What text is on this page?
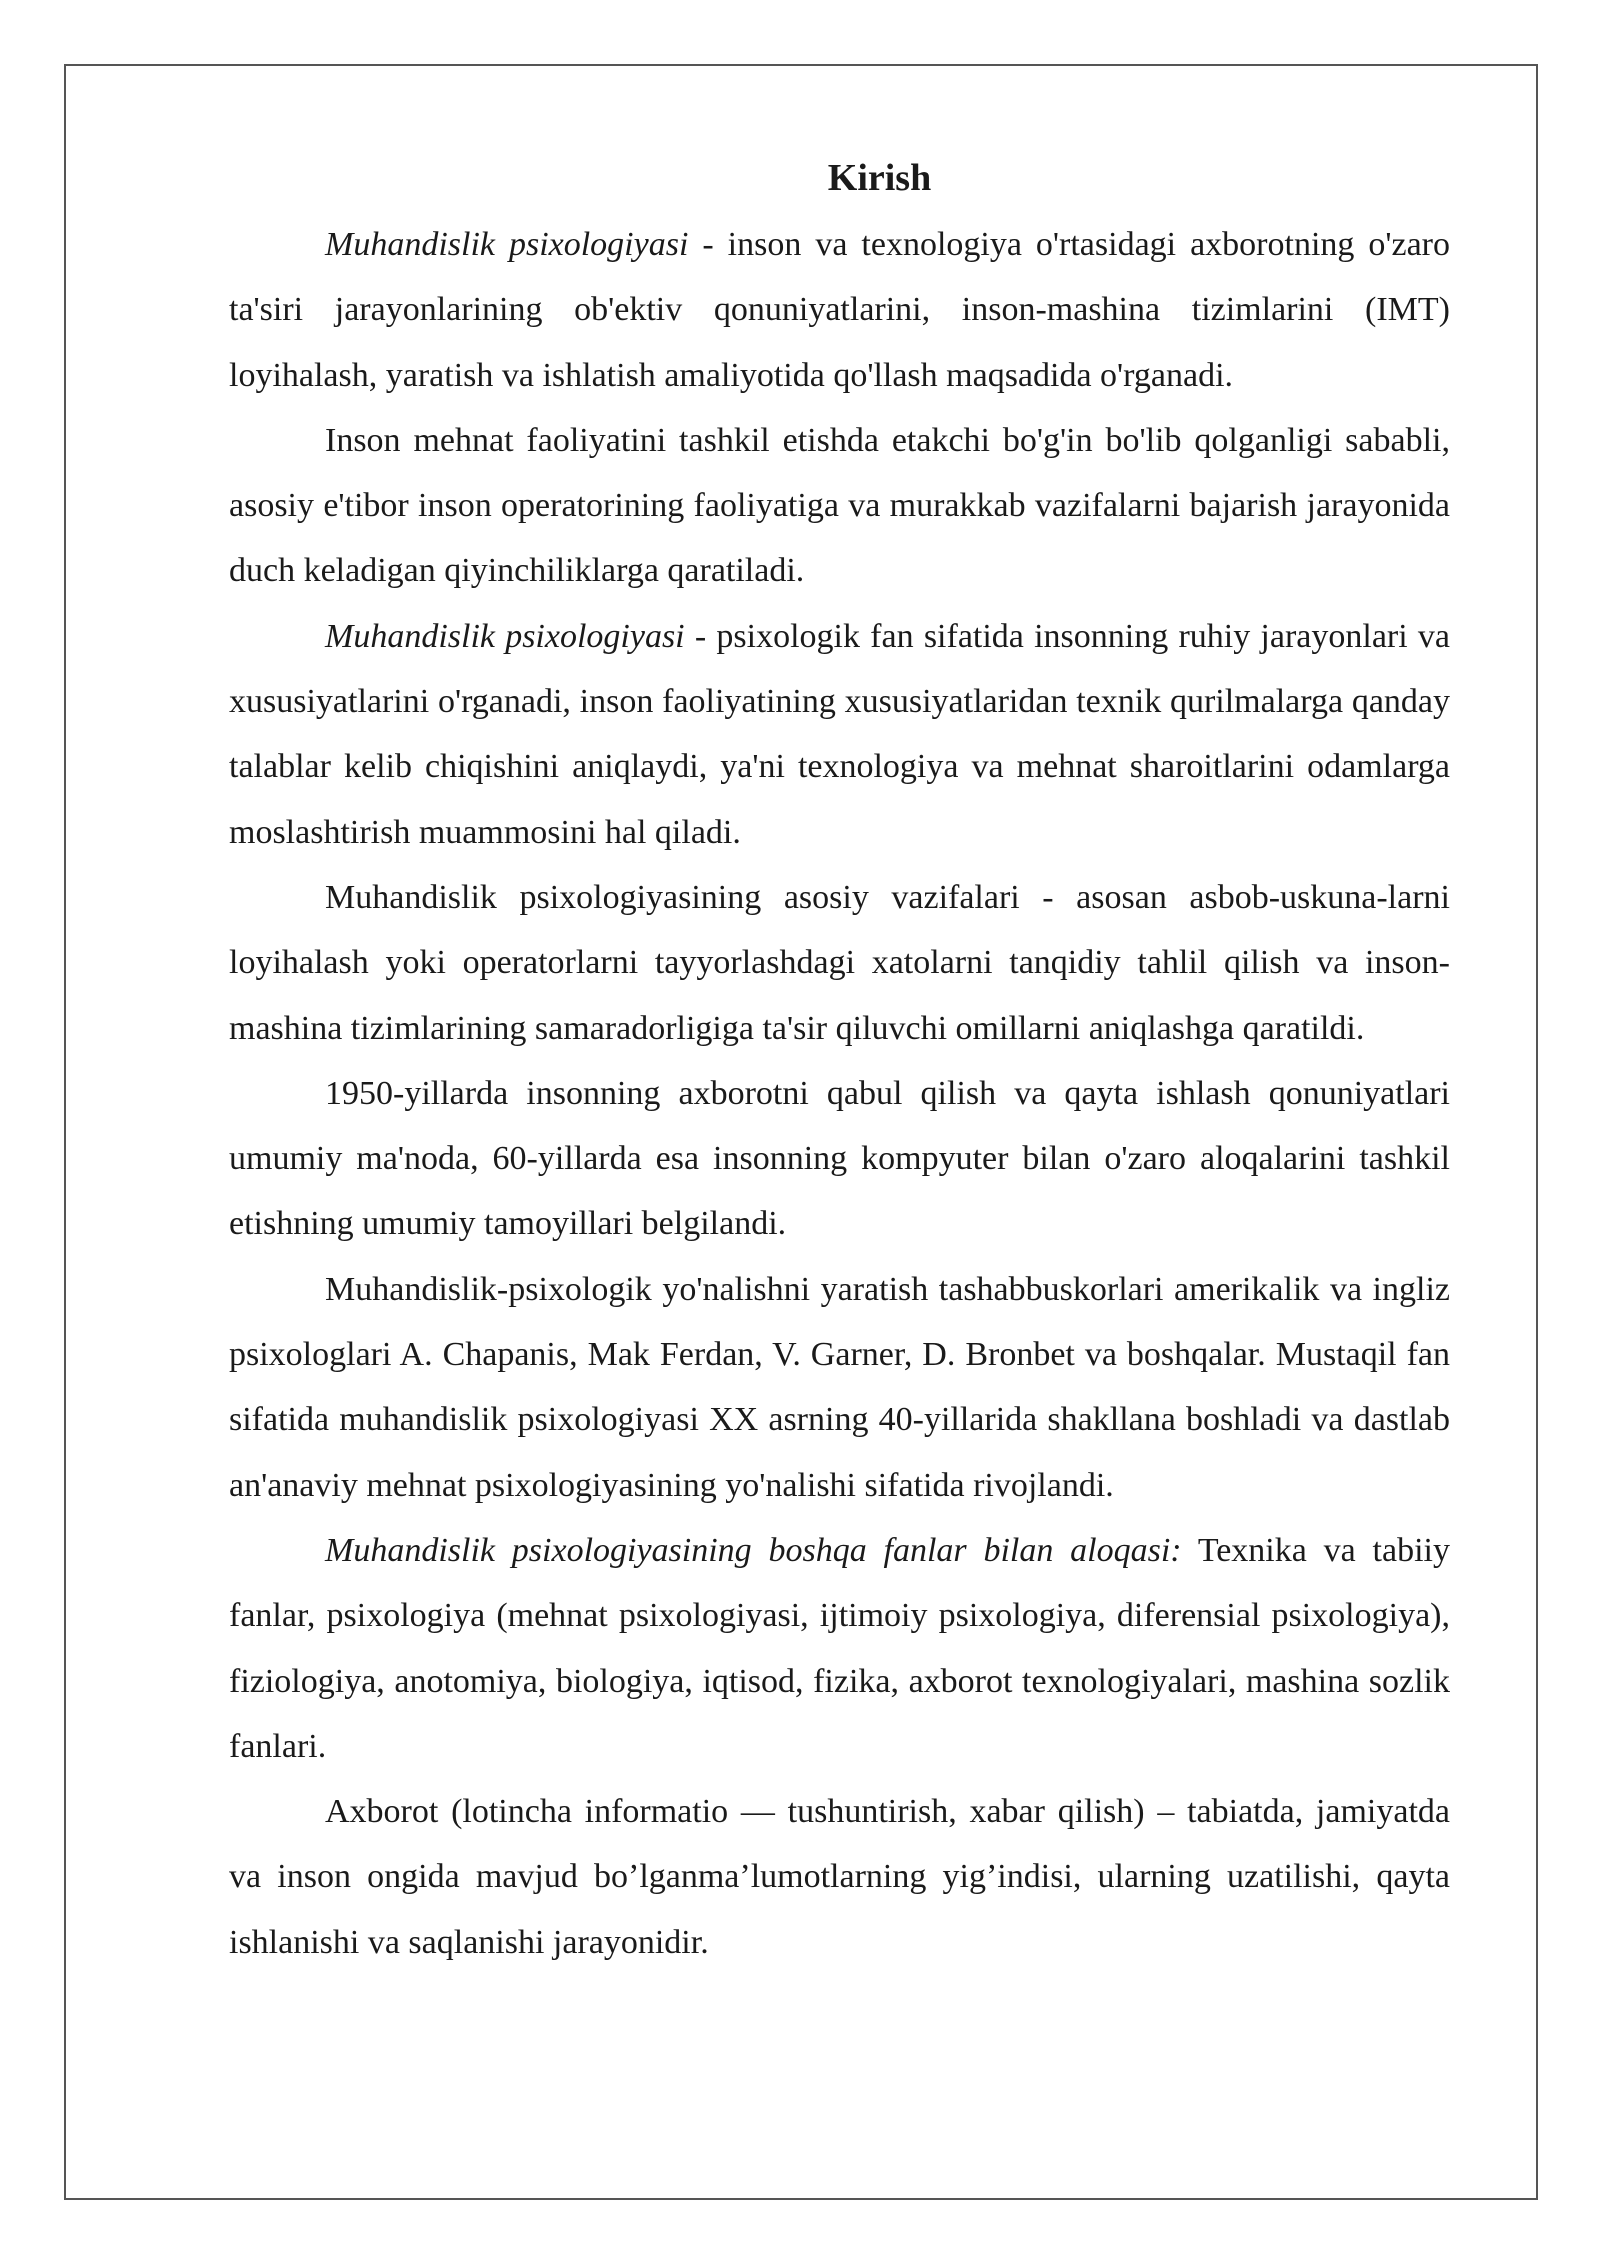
Kirish

Muhandislik psixologiyasi - inson va texnologiya o'rtasidagi axborotning o'zaro ta'siri jarayonlarining ob'ektiv qonuniyatlarini, inson-mashina tizimlarini (IMT) loyihalash, yaratish va ishlatish amaliyotida qo'llash maqsadida o'rganadi.

Inson mehnat faoliyatini tashkil etishda etakchi bo'g'in bo'lib qolganligi sababli, asosiy e'tibor inson operatorining faoliyatiga va murakkab vazifalarni bajarish jarayonida duch keladigan qiyinchiliklarga qaratiladi.

Muhandislik psixologiyasi - psixologik fan sifatida insonning ruhiy jarayonlari va xususiyatlarini o'rganadi, inson faoliyatining xususiyatlaridan texnik qurilmalarga qanday talablar kelib chiqishini aniqlaydi, ya'ni texnologiya va mehnat sharoitlarini odamlarga moslashtirish muammosini hal qiladi.

Muhandislik psixologiyasining asosiy vazifalari - asosan asbob-uskuna-larni loyihalash yoki operatorlarni tayyorlashdagi xatolarni tanqidiy tahlil qilish va inson-mashina tizimlarining samaradorligiga ta'sir qiluvchi omillarni aniqlashga qaratildi.

1950-yillarda insonning axborotni qabul qilish va qayta ishlash qonuniyatlari umumiy ma'noda, 60-yillarda esa insonning kompyuter bilan o'zaro aloqalarini tashkil etishning umumiy tamoyillari belgilandi.

Muhandislik-psixologik yo'nalishni yaratish tashabbuskorlari amerikalik va ingliz psixologlari A. Chapanis, Mak Ferdan, V. Garner, D. Bronbet va boshqalar. Mustaqil fan sifatida muhandislik psixologiyasi XX asrning 40-yillarida shakllana boshladi va dastlab an'anaviy mehnat psixologiyasining yo'nalishi sifatida rivojlandi.

Muhandislik psixologiyasining boshqa fanlar bilan aloqasi: Texnika va tabiiy fanlar, psixologiya (mehnat psixologiyasi, ijtimoiy psixologiya, diferensial psixologiya), fiziologiya, anotomiya, biologiya, iqtisod, fizika, axborot texnologiyalari, mashina sozlik fanlari.

Axborot (lotincha informatio — tushuntirish, xabar qilish) – tabiatda, jamiyatda va inson ongida mavjud bo’lganma’lumotlarning yig’indisi, ularning uzatilishi, qayta ishlanishi va saqlanishi jarayonidir.
